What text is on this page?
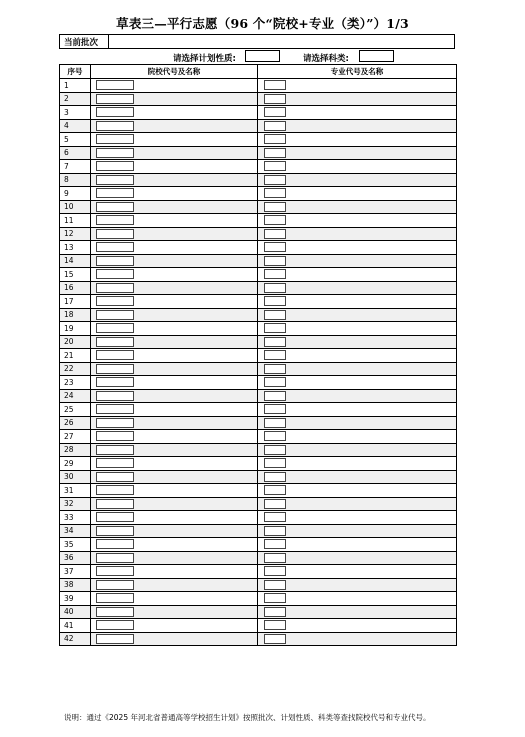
草表三—平行志愿（96 个“院校+专业（类）”）1/3
当前批次
请选择计划性质:	请选择科类:
序号	院校代号及名称	专业代号及名称
1	

2	

3	

4	

5	

6	

7	

8	

9	

10	

11	

12	

13	

14	

15	

16	

17	

18	

19	

20	

21	

22	

23	

24	

25	

26	

27	

28	

29	

30	

31	

32	

33	

34	

35	

36	

37	

38	

39	

40	

41	

42	

说明：通过《2025 年河北省普通高等学校招生计划》按照批次、计划性质、科类等查找院校代号和专业代号。
